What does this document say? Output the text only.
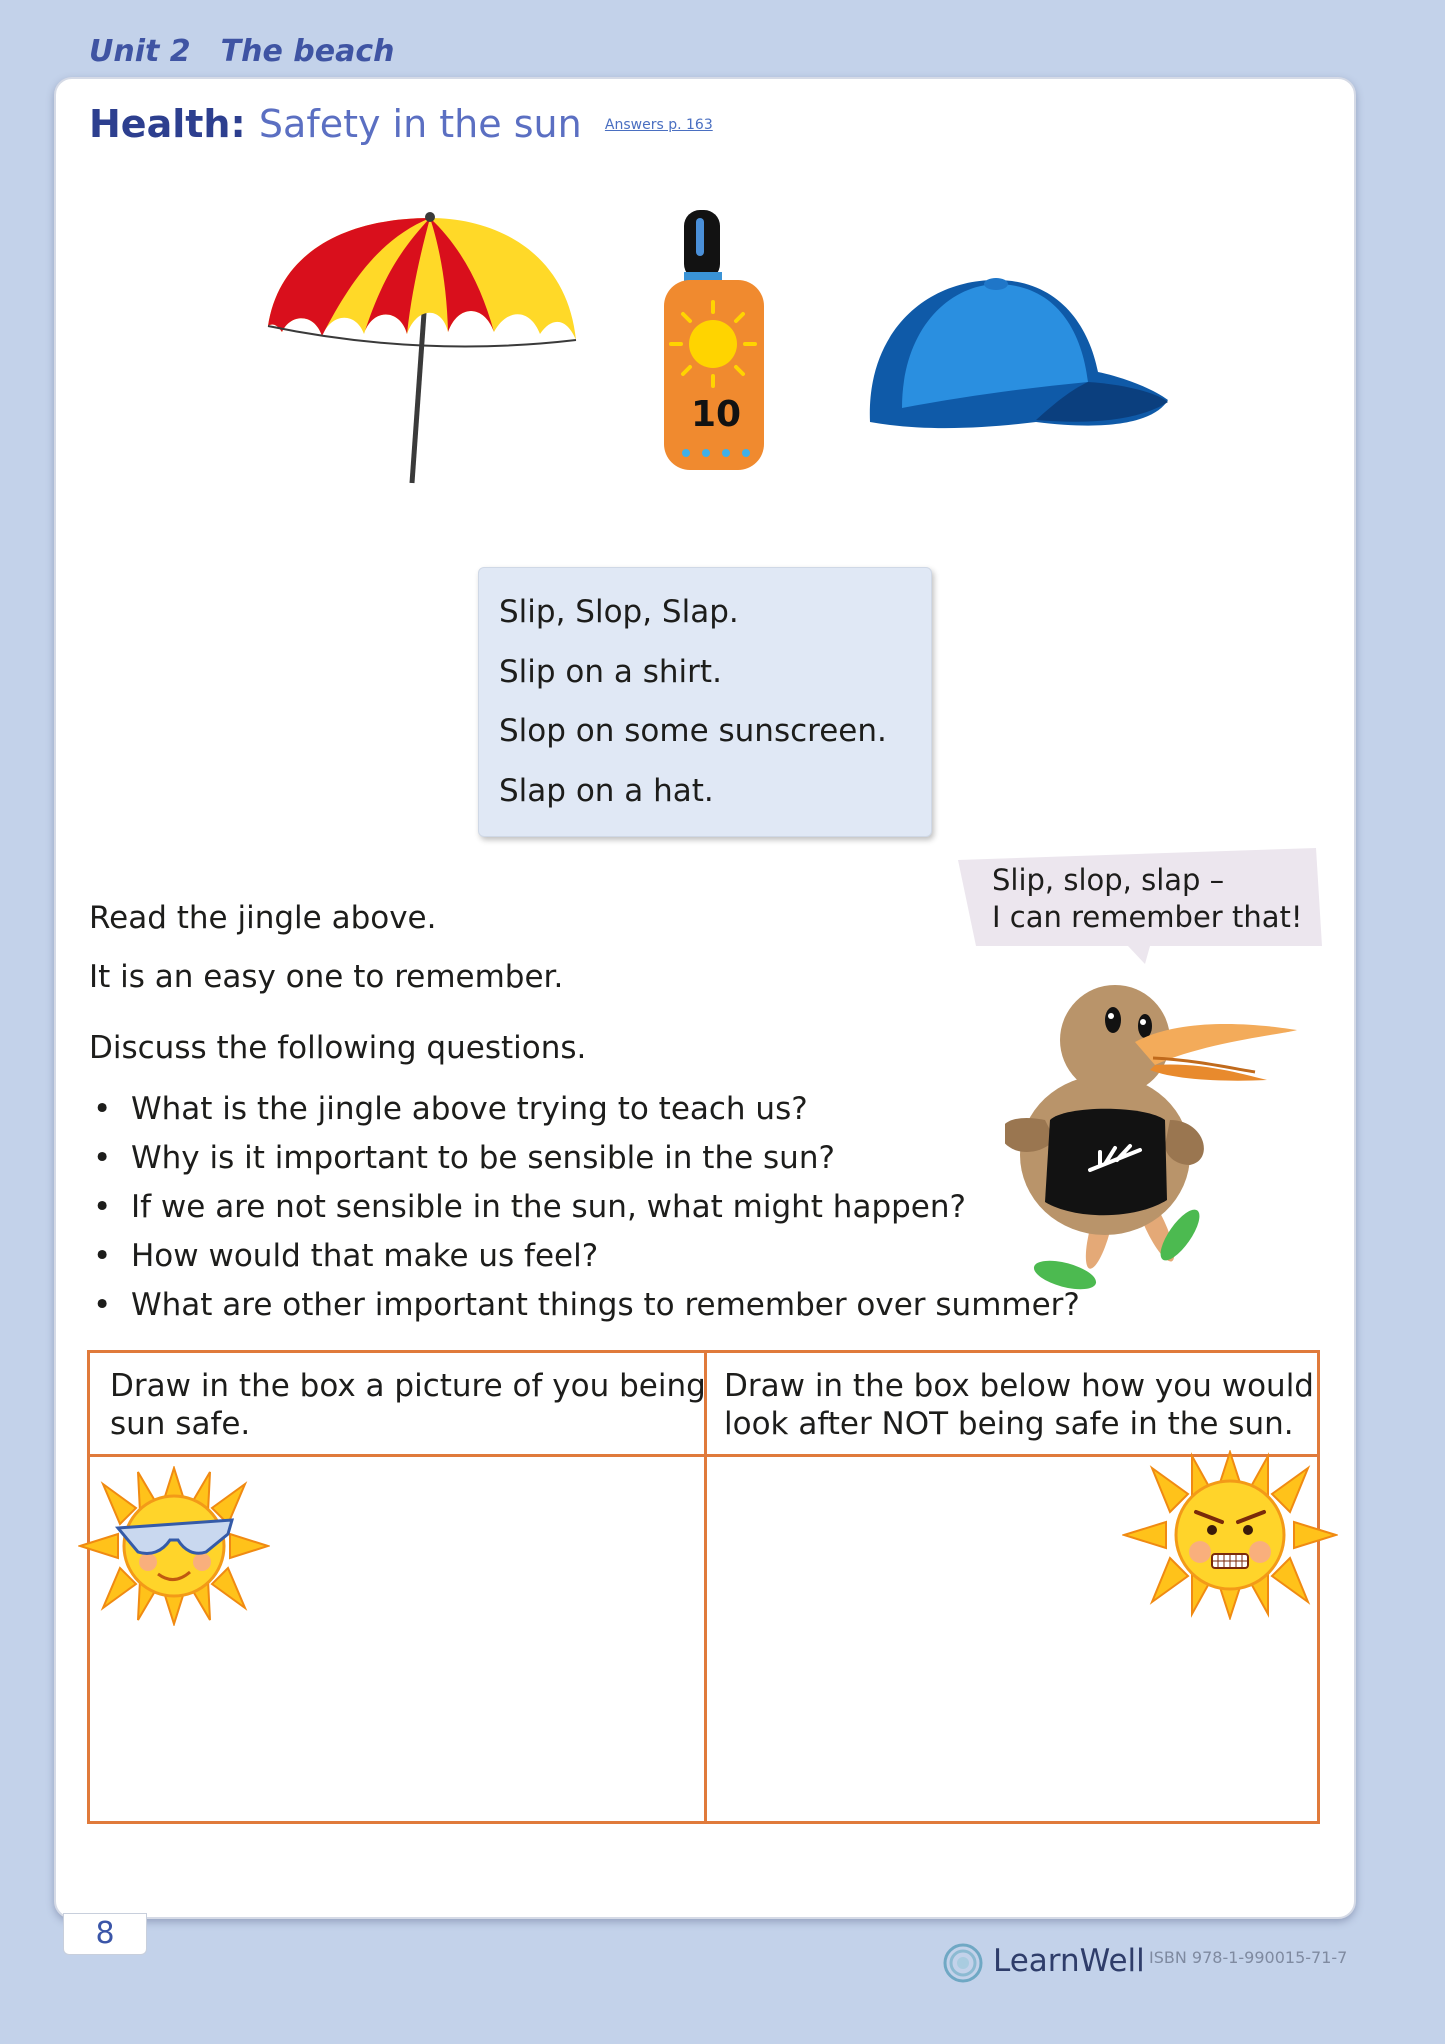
Unit 2 The beach
Health: Safety in the sun $^{Answers p. 163}$
10
Slip, Slop, Slap.
Slip on a shirt.
Slop on some sunscreen.
Slap on a hat.
Slip, slop, slap –
I can remember that!
Read the jingle above.
It is an easy one to remember.
Discuss the following questions.
• What is the jingle above trying to teach us?
• Why is it important to be sensible in the sun?
• If we are not sensible in the sun, what might happen?
• How would that make us feel?
• What are other important things to remember over summer?
Draw in the box a picture of you being
sun safe.
Draw in the box below how you would
look after NOT being safe in the sun.
8
LearnWell ISBN 978-1-990015-71-7
